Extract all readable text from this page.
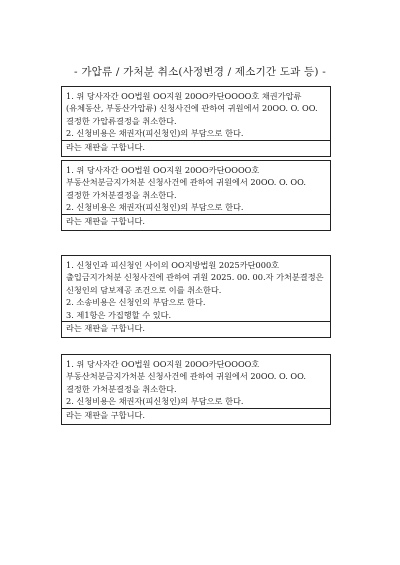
- 가압류 / 가처분 취소(사정변경 / 제소기간 도과 등) -
1. 위 당사자간 OO법원 OO지원 20OO카단OOOO호 채권가압류(유체동산, 부동산가압류) 신청사건에 관하여 귀원에서 20OO. O. OO. 결정한 가압류결정을 취소한다.
2. 신청비용은 채권자(피신청인)의 부담으로 한다.
라는 재판을 구합니다.
1. 위 당사자간 OO법원 OO지원 20OO카단OOOO호 부동산처분금지가처분 신청사건에 관하여 귀원에서 20OO. O. OO. 결정한 가처분결정을 취소한다.
2. 신청비용은 채권자(피신청인)의 부담으로 한다.
라는 재판을 구합니다.
1. 신청인과 피신청인 사이의 OO지방법원 2025카단000호 출입금지가처분 신청사건에 관하여 귀원 2025. 00. 00.자 가처분결정은 신청인의 담보제공 조건으로 이를 취소한다.
2. 소송비용은 신청인의 부담으로 한다.
3. 제1항은 가집행할 수 있다.
라는 재판을 구합니다.
1. 위 당사자간 OO법원 OO지원 20OO카단OOOO호 부동산처분금지가처분 신청사건에 관하여 귀원에서 20OO. O. OO. 결정한 가처분결정을 취소한다.
2. 신청비용은 채권자(피신청인)의 부담으로 한다.
라는 재판을 구합니다.
